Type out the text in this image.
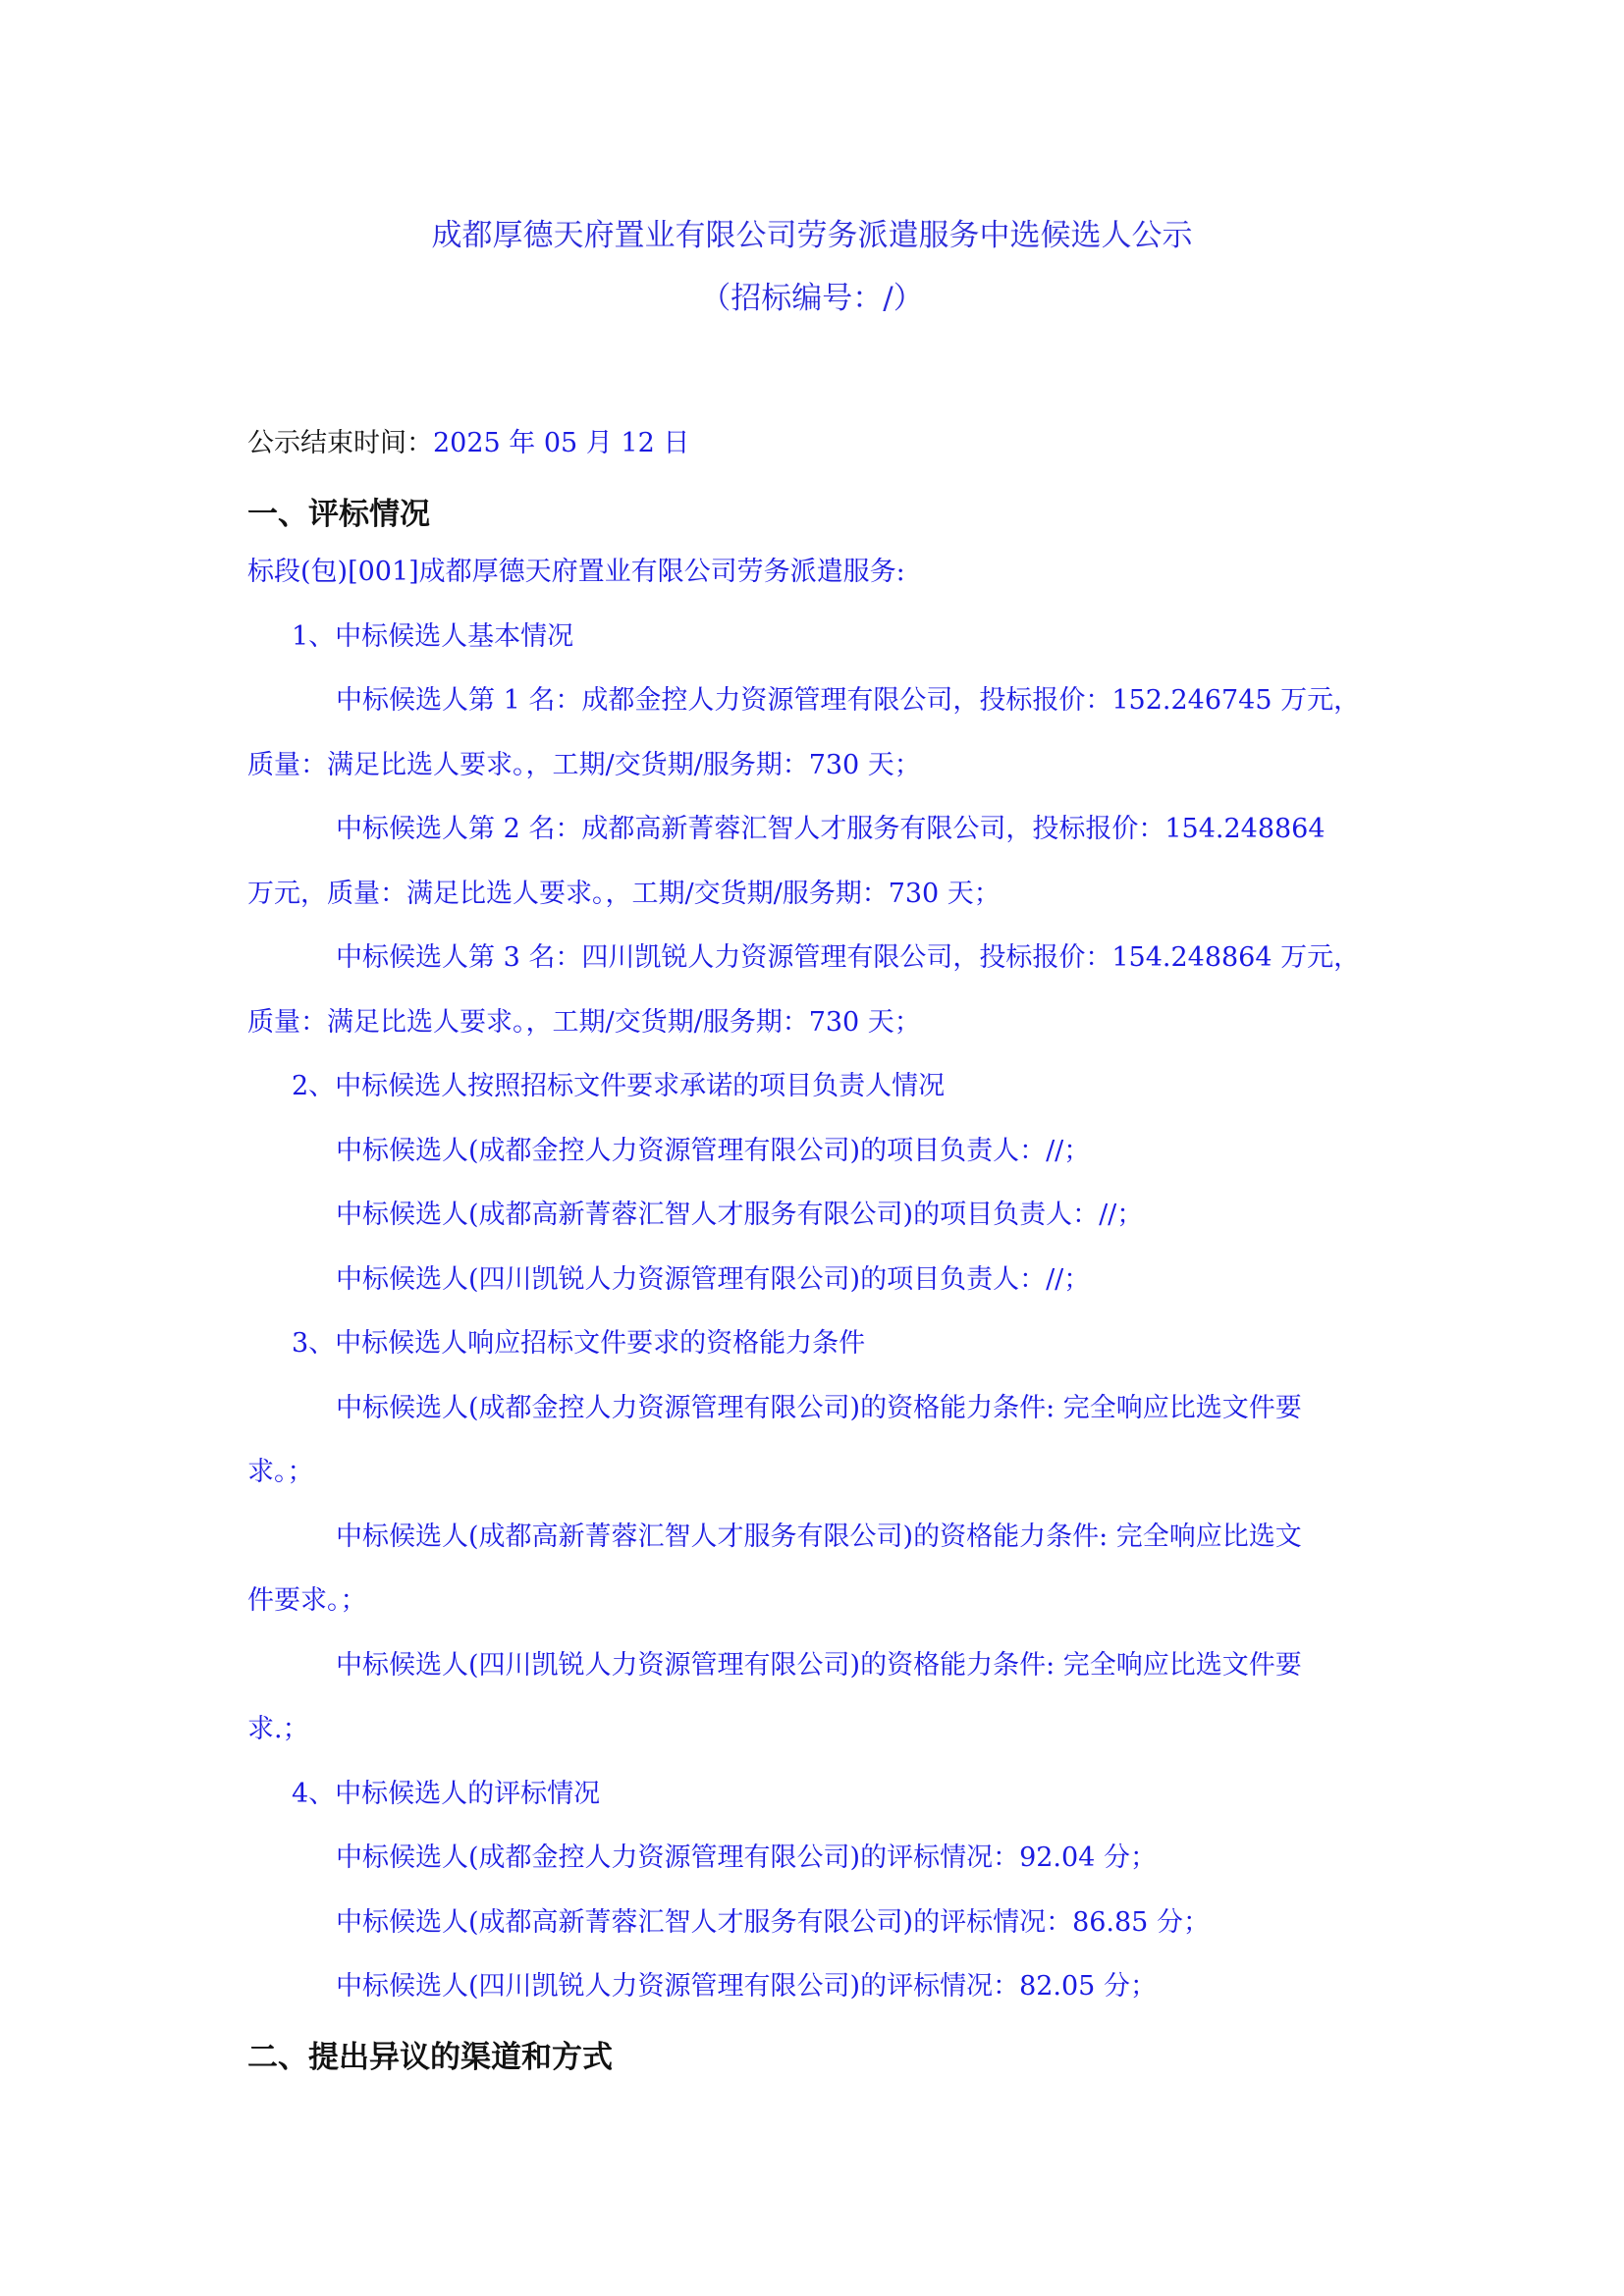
成都厚德天府置业有限公司劳务派遣服务中选候选人公示
（招标编号：/）
公示结束时间：2025 年 05 月 12 日
一、评标情况
标段(包)[001]成都厚德天府置业有限公司劳务派遣服务:
1、中标候选人基本情况
中标候选人第 1 名：成都金控人力资源管理有限公司，投标报价：152.246745 万元，
质量：满足比选人要求。，工期/交货期/服务期：730 天；
中标候选人第 2 名：成都高新菁蓉汇智人才服务有限公司，投标报价：154.248864
万元，质量：满足比选人要求。，工期/交货期/服务期：730 天；
中标候选人第 3 名：四川凯锐人力资源管理有限公司，投标报价：154.248864 万元，
质量：满足比选人要求。，工期/交货期/服务期：730 天；
2、中标候选人按照招标文件要求承诺的项目负责人情况
中标候选人(成都金控人力资源管理有限公司)的项目负责人：//；
中标候选人(成都高新菁蓉汇智人才服务有限公司)的项目负责人：//；
中标候选人(四川凯锐人力资源管理有限公司)的项目负责人：//；
3、中标候选人响应招标文件要求的资格能力条件
中标候选人(成都金控人力资源管理有限公司)的资格能力条件: 完全响应比选文件要
求。；
中标候选人(成都高新菁蓉汇智人才服务有限公司)的资格能力条件: 完全响应比选文
件要求。；
中标候选人(四川凯锐人力资源管理有限公司)的资格能力条件: 完全响应比选文件要
求.；
4、中标候选人的评标情况
中标候选人(成都金控人力资源管理有限公司)的评标情况：92.04 分；
中标候选人(成都高新菁蓉汇智人才服务有限公司)的评标情况：86.85 分；
中标候选人(四川凯锐人力资源管理有限公司)的评标情况：82.05 分；
二、提出异议的渠道和方式
